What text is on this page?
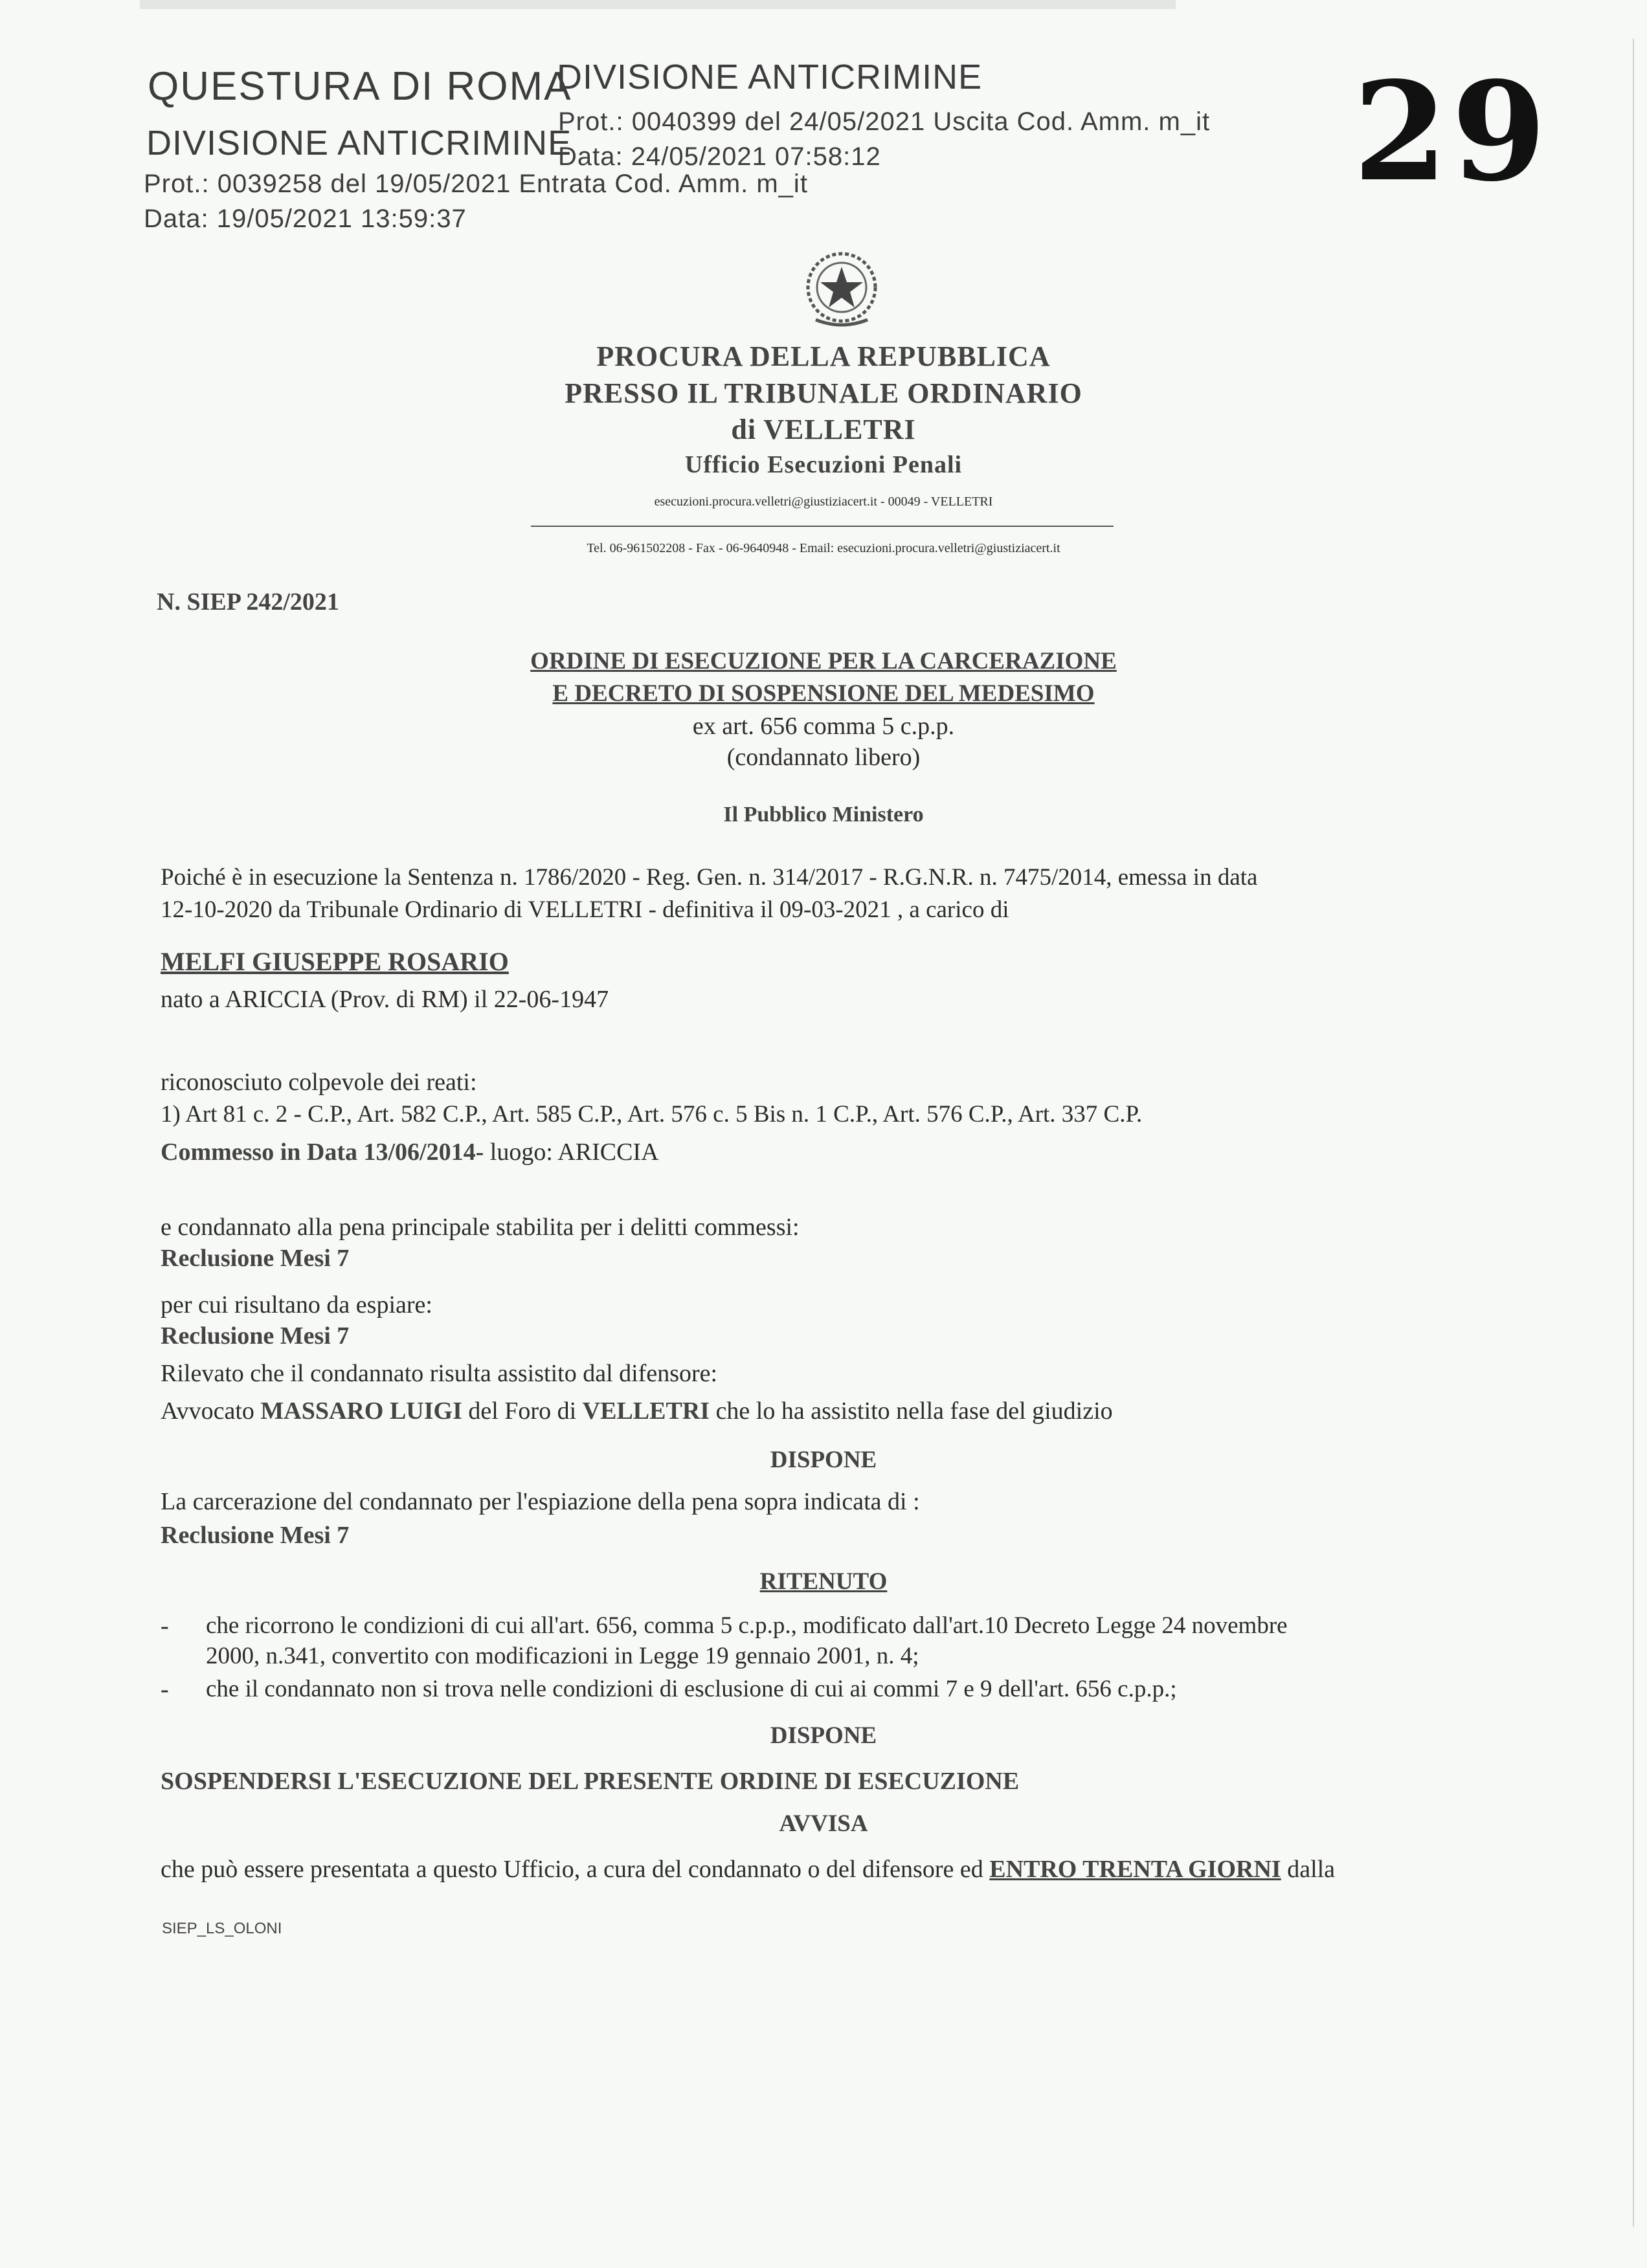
QUESTURA DI ROMA
DIVISIONE ANTICRIMINE
Prot.: 0039258 del 19/05/2021 Entrata Cod. Amm. m_it
Data: 19/05/2021 13:59:37
DIVISIONE ANTICRIMINE
Prot.: 0040399 del 24/05/2021 Uscita Cod. Amm. m_it
Data: 24/05/2021 07:58:12	29
PROCURA DELLA REPUBBLICA
PRESSO IL TRIBUNALE ORDINARIO
di VELLETRI
Ufficio Esecuzioni Penali
esecuzioni.procura.velletri@giustiziacert.it - 00049 - VELLETRI
Tel. 06-961502208 - Fax - 06-9640948 - Email: esecuzioni.procura.velletri@giustiziacert.it
N. SIEP 242/2021
ORDINE DI ESECUZIONE PER LA CARCERAZIONE
E DECRETO DI SOSPENSIONE DEL MEDESIMO
ex art. 656 comma 5 c.p.p.
(condannato libero)
Il Pubblico Ministero
Poiché è in esecuzione la Sentenza n. 1786/2020 - Reg. Gen. n. 314/2017 - R.G.N.R. n. 7475/2014, emessa in data
12-10-2020 da Tribunale Ordinario di VELLETRI - definitiva il 09-03-2021 , a carico di
MELFI GIUSEPPE ROSARIO
nato a ARICCIA (Prov. di RM) il 22-06-1947
riconosciuto colpevole dei reati:
1) Art 81 c. 2 - C.P., Art. 582 C.P., Art. 585 C.P., Art. 576 c. 5 Bis n. 1 C.P., Art. 576 C.P., Art. 337 C.P.
Commesso in Data 13/06/2014- luogo: ARICCIA
e condannato alla pena principale stabilita per i delitti commessi:
Reclusione Mesi 7
per cui risultano da espiare:
Reclusione Mesi 7
Rilevato che il condannato risulta assistito dal difensore:
Avvocato MASSARO LUIGI del Foro di VELLETRI che lo ha assistito nella fase del giudizio
DISPONE
La carcerazione del condannato per l'espiazione della pena sopra indicata di :
Reclusione Mesi 7
RITENUTO
- che ricorrono le condizioni di cui all'art. 656, comma 5 c.p.p., modificato dall'art.10 Decreto Legge 24 novembre
2000, n.341, convertito con modificazioni in Legge 19 gennaio 2001, n. 4;
- che il condannato non si trova nelle condizioni di esclusione di cui ai commi 7 e 9 dell'art. 656 c.p.p.;
DISPONE
SOSPENDERSI L'ESECUZIONE DEL PRESENTE ORDINE DI ESECUZIONE
AVVISA
che può essere presentata a questo Ufficio, a cura del condannato o del difensore ed ENTRO TRENTA GIORNI dalla
SIEP_LS_OLONI
